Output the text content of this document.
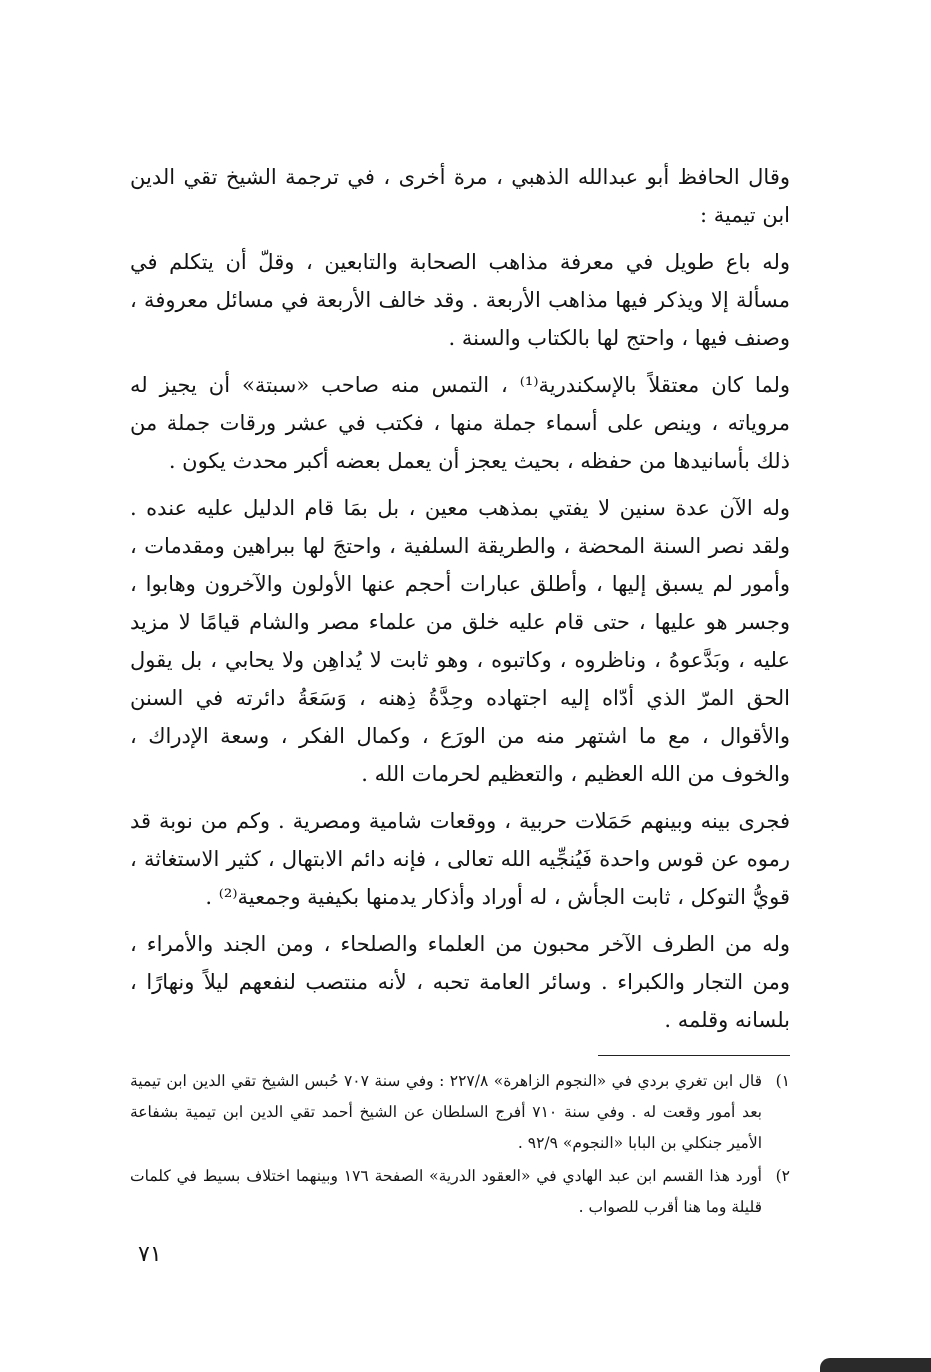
وقال الحافظ أبو عبدالله الذهبي ، مرة أخرى ، في ترجمة الشيخ تقي الدين ابن تيمية :

وله باع طويل في معرفة مذاهب الصحابة والتابعين ، وقلّ أن يتكلم في مسألة إلا ويذكر فيها مذاهب الأربعة . وقد خالف الأربعة في مسائل معروفة ، وصنف فيها ، واحتج لها بالكتاب والسنة .

ولما كان معتقلاً بالإسكندرية⁽¹⁾ ، التمس منه صاحب «سبتة» أن يجيز له مروياته ، وينص على أسماء جملة منها ، فكتب في عشر ورقات جملة من ذلك بأسانيدها من حفظه ، بحيث يعجز أن يعمل بعضه أكبر محدث يكون .

وله الآن عدة سنين لا يفتي بمذهب معين ، بل بمَا قام الدليل عليه عنده . ولقد نصر السنة المحضة ، والطريقة السلفية ، واحتجَ لها ببراهين ومقدمات ، وأمور لم يسبق إليها ، وأطلق عبارات أحجم عنها الأولون والآخرون وهابوا ، وجسر هو عليها ، حتى قام عليه خلق من علماء مصر والشام قيامًا لا مزيد عليه ، وبَدَّعوهُ ، وناظروه ، وكاتبوه ، وهو ثابت لا يُداهِن ولا يحابي ، بل يقول الحق المرّ الذي أدّاه إليه اجتهاده وحِدَّةُ ذِهنه ، وَسَعَةُ دائرته في السنن والأقوال ، مع ما اشتهر منه من الورَع ، وكمال الفكر ، وسعة الإدراك ، والخوف من الله العظيم ، والتعظيم لحرمات الله .

فجرى بينه وبينهم حَمَلات حربية ، ووقعات شامية ومصرية . وكم من نوبة قد رموه عن قوس واحدة فَيُنجِّيه الله تعالى ، فإنه دائم الابتهال ، كثير الاستغاثة ، قويُّ التوكل ، ثابت الجأش ، له أوراد وأذكار يدمنها بكيفية وجمعية⁽²⁾ .

وله من الطرف الآخر محبون من العلماء والصلحاء ، ومن الجند والأمراء ، ومن التجار والكبراء . وسائر العامة تحبه ، لأنه منتصب لنفعهم ليلاً ونهارًا ، بلسانه وقلمه .

١)
قال ابن تغري بردي في «النجوم الزاهرة» ٢٢٧/٨ : وفي سنة ٧٠٧ حُبس الشيخ تقي الدين ابن تيمية بعد أمور وقعت له . وفي سنة ٧١٠ أفرج السلطان عن الشيخ أحمد تقي الدين ابن تيمية بشفاعة الأمير جنكلي بن البابا «النجوم» ٩٢/٩ .

٢)
أورد هذا القسم ابن عبد الهادي في «العقود الدرية» الصفحة ١٧٦ وبينهما اختلاف بسيط في كلمات قليلة وما هنا أقرب للصواب .

٧١
